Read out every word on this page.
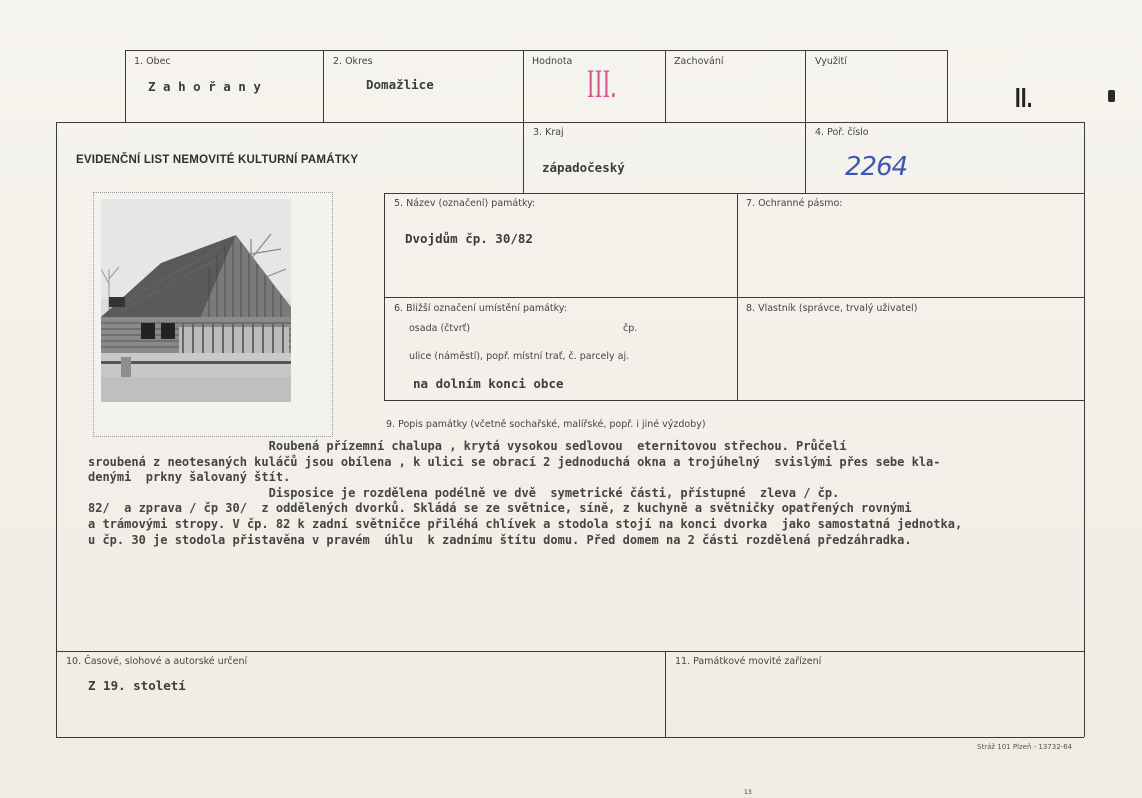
1. Obec
Z a h o ř a n y
2. Okres
Domažlice
Hodnota III.	Zachování	Využití
II.
EVIDENČNÍ LIST NEMOVITÉ KULTURNÍ PAMÁTKY
3. Kraj
západočeský
4. Poř. číslo
2264
5. Název (označení) památky:
Dvojdům čp. 30/82
7. Ochranné pásmo:
6. Bližší označení umístění památky:
osada (čtvrť)	čp.
ulice (náměstí), popř. místní trať, č. parcely aj.
na dolním konci obce
8. Vlastník (správce, trvalý uživatel)
9. Popis památky (včetně sochařské, malířské, popř. i jiné výzdoby)
Roubená přízemní chalupa , krytá vysokou sedlovou  eternitovou střechou. Průčelí
sroubená z neotesaných kuláčů jsou obílena , k ulici se obrací 2 jednoduchá okna a trojúhelný  svislými přes sebe kla-
denými  prkny šalovaný štít.
Disposice je rozdělena podélně ve dvě  symetrické části, přístupné  zleva / čp.
82/  a zprava / čp 30/  z oddělených dvorků. Skládá se ze světnice, síně, z kuchyně a světničky opatřených rovnými
a trámovými stropy. V čp. 82 k zadní světničce přiléhá chlívek a stodola stojí na konci dvorka  jako samostatná jednotka,
u čp. 30 je stodola přistavěna v pravém  úhlu  k zadnímu štítu domu. Před domem na 2 části rozdělená předzáhradka.
10. Časové, slohové a autorské určení
Z 19. století
11. Památkové movité zařízení
Stráž 101 Plzeň - 13732-64
13
